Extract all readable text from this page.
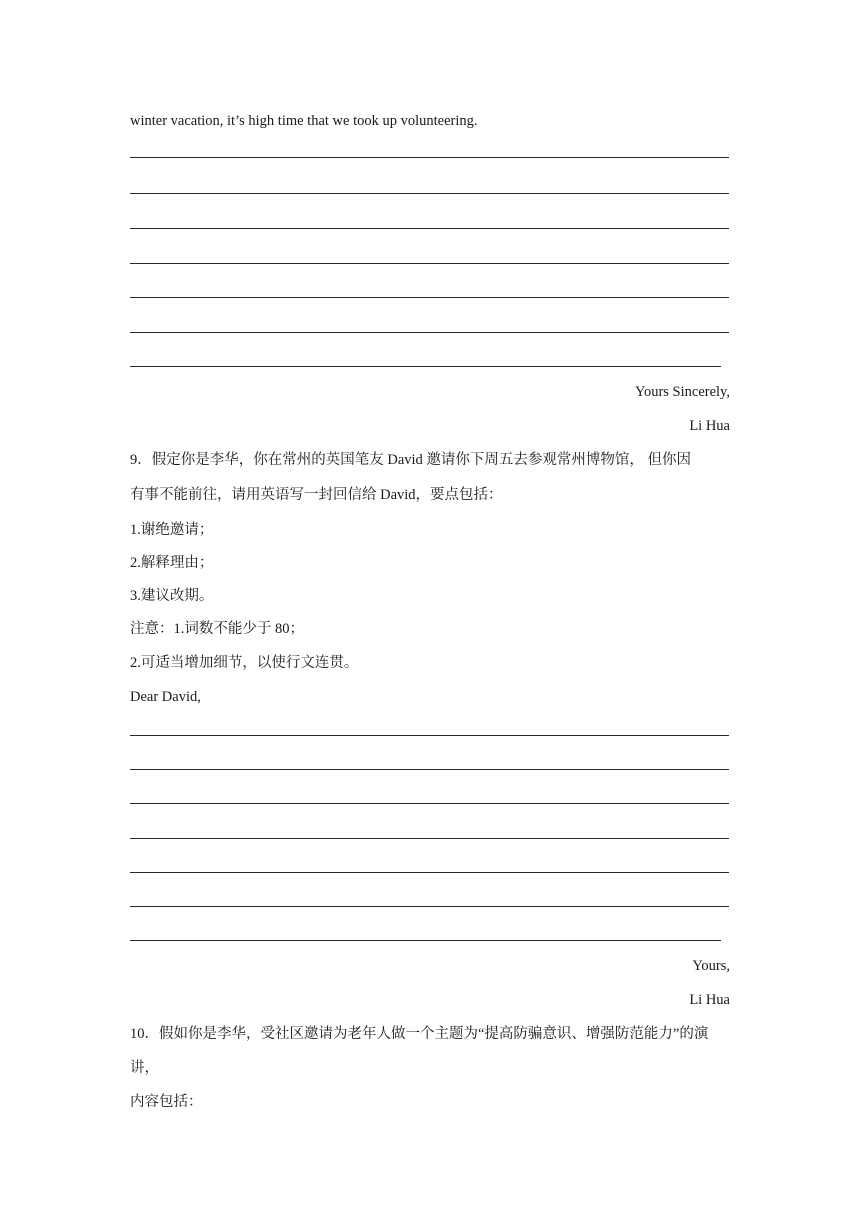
winter vacation, it’s high time that we took up volunteering.
Yours Sincerely,
Li Hua
9．假定你是李华，你在常州的英国笔友 David 邀请你下周五去参观常州博物馆， 但你因
有事不能前往，请用英语写一封回信给 David，要点包括：
1.谢绝邀请；
2.解释理由；
3.建议改期。
注意：1.词数不能少于 80；
2.可适当增加细节，以使行文连贯。
Dear David,
Yours,
Li Hua
10．假如你是李华，受社区邀请为老年人做一个主题为“提高防骗意识、增强防范能力”的演
讲，
内容包括：
